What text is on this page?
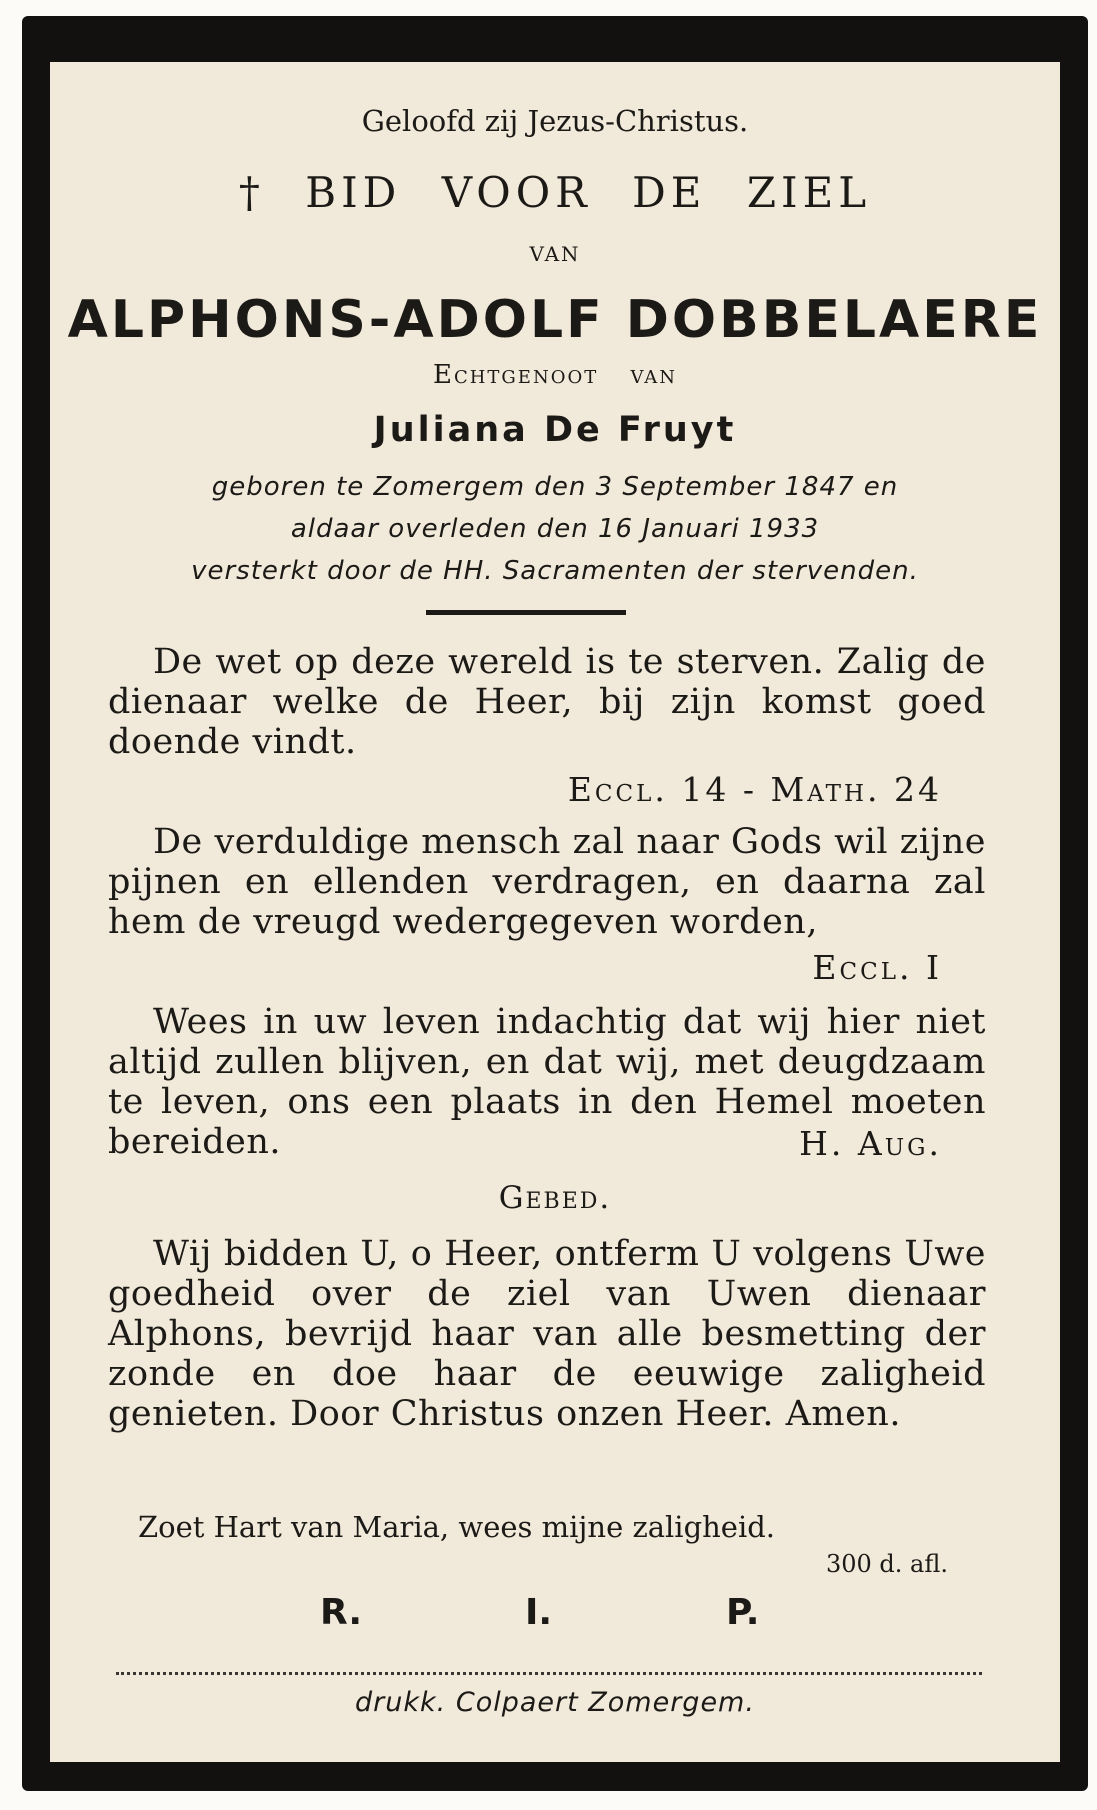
Geloofd zij Jezus-Christus.
† BID VOOR DE ZIEL
VAN
ALPHONS-ADOLF DOBBELAERE
Echtgenoot van
Juliana De Fruyt
geboren te Zomergem den 3 September 1847 en
aldaar overleden den 16 Januari 1933
versterkt door de HH. Sacramenten der stervenden.
De wet op deze wereld is te sterven. Zalig de dienaar welke de Heer, bij zijn komst goed doende vindt.
Eccl. 14 - Math. 24
De verduldige mensch zal naar Gods wil zijne pijnen en ellenden verdragen, en daarna zal hem de vreugd wedergegeven worden,
Eccl. I
Wees in uw leven indachtig dat wij hier niet altijd zullen blijven, en dat wij, met deugdzaam te leven, ons een plaats in den Hemel moeten bereiden.	H. Aug.
Gebed.
Wij bidden U, o Heer, ontferm U volgens Uwe goedheid over de ziel van Uwen dienaar Alphons, bevrijd haar van alle besmetting der zonde en doe haar de eeuwige zaligheid genieten. Door Christus onzen Heer. Amen.
Zoet Hart van Maria, wees mijne zaligheid.
300 d. afl.
R.	I.	P.
drukk. Colpaert Zomergem.
